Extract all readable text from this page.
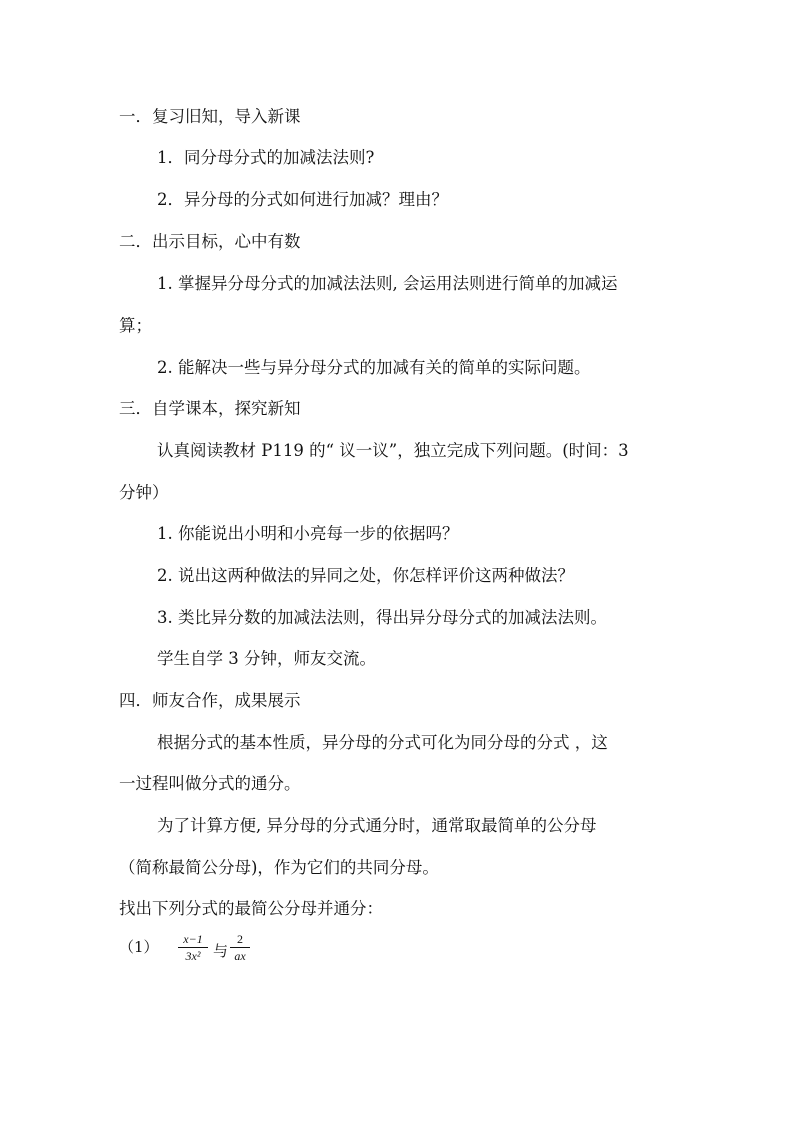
一．复习旧知，导入新课
1．同分母分式的加减法法则?
2．异分母的分式如何进行加减？理由？
二．出示目标，心中有数
1. 掌握异分母分式的加减法法则, 会运用法则进行简单的加减运
算；
2. 能解决一些与异分母分式的加减有关的简单的实际问题。
三．自学课本，探究新知
认真阅读教材 P119 的“ 议一议”，独立完成下列问题。(时间：3
分钟）
1. 你能说出小明和小亮每一步的依据吗？
2. 说出这两种做法的异同之处，你怎样评价这两种做法？
3. 类比异分数的加减法法则，得出异分母分式的加减法法则。
学生自学 3 分钟，师友交流。
四．师友合作，成果展示
根据分式的基本性质，异分母的分式可化为同分母的分式 ，这
一过程叫做分式的通分。
为了计算方便, 异分母的分式通分时，通常取最简单的公分母
（简称最简公分母)，作为它们的共同分母。
找出下列分式的最简公分母并通分：
$(1) \frac{x-1}{\text{3x²}}$ 与 $\frac{2}{ax}$
